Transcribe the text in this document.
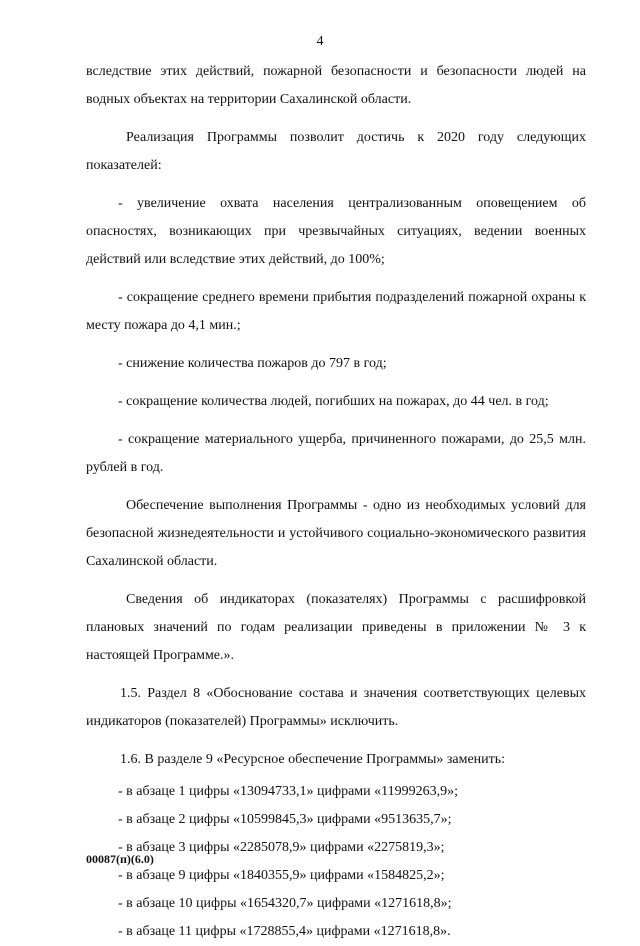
4

вследствие этих действий, пожарной безопасности и безопасности людей на водных объектах на территории Сахалинской области.

Реализация Программы позволит достичь к 2020 году следующих показателей:

- увеличение охвата населения централизованным оповещением об опасностях, возникающих при чрезвычайных ситуациях, ведении военных действий или вследствие этих действий, до 100%;

- сокращение среднего времени прибытия подразделений пожарной охраны к месту пожара до 4,1 мин.;

- снижение количества пожаров до 797 в год;

- сокращение количества людей, погибших на пожарах, до 44 чел. в год;

- сокращение материального ущерба, причиненного пожарами, до 25,5 млн. рублей в год.

Обеспечение выполнения Программы - одно из необходимых условий для безопасной жизнедеятельности и устойчивого социально-экономического развития Сахалинской области.

Сведения об индикаторах (показателях) Программы с расшифровкой плановых значений по годам реализации приведены в приложении № 3 к настоящей Программе.».

1.5. Раздел 8 «Обоснование состава и значения соответствующих целевых индикаторов (показателей) Программы» исключить.

1.6. В разделе 9 «Ресурсное обеспечение Программы» заменить:

- в абзаце 1 цифры «13094733,1» цифрами «11999263,9»;
- в абзаце 2 цифры «10599845,3» цифрами «9513635,7»;
- в абзаце 3 цифры «2285078,9» цифрами «2275819,3»;
- в абзаце 9 цифры «1840355,9» цифрами «1584825,2»;
- в абзаце 10 цифры «1654320,7» цифрами «1271618,8»;
- в абзаце 11 цифры «1728855,4» цифрами «1271618,8».
00087(п)(6.0)
